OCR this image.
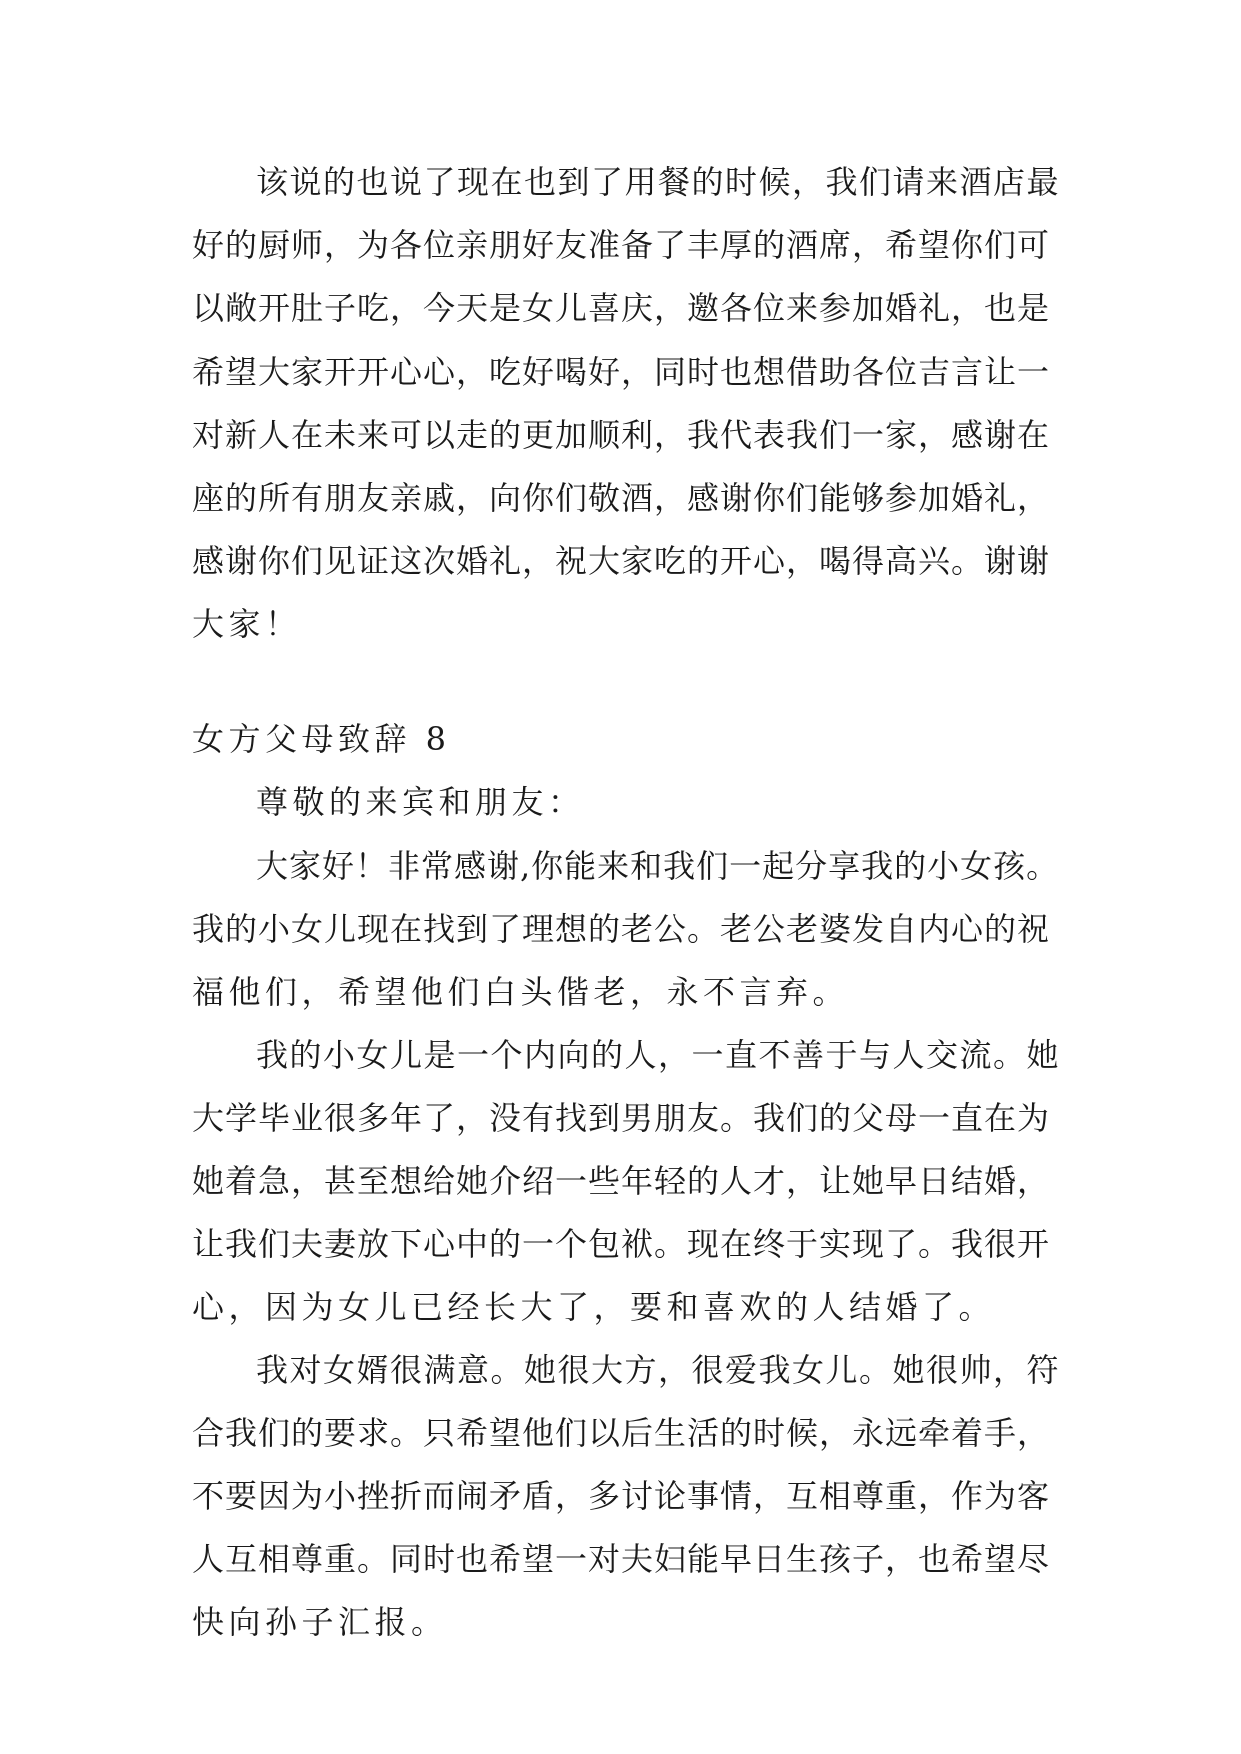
该说的也说了现在也到了用餐的时候，我们请来酒店最
好的厨师，为各位亲朋好友准备了丰厚的酒席，希望你们可
以敞开肚子吃，今天是女儿喜庆，邀各位来参加婚礼，也是
希望大家开开心心，吃好喝好，同时也想借助各位吉言让一
对新人在未来可以走的更加顺利，我代表我们一家，感谢在
座的所有朋友亲戚，向你们敬酒，感谢你们能够参加婚礼，
感谢你们见证这次婚礼，祝大家吃的开心，喝得高兴。谢谢
大家！
女方父母致辞 8
尊敬的来宾和朋友：
大家好！非常感谢,你能来和我们一起分享我的小女孩。
我的小女儿现在找到了理想的老公。老公老婆发自内心的祝
福他们，希望他们白头偕老，永不言弃。
我的小女儿是一个内向的人，一直不善于与人交流。她
大学毕业很多年了，没有找到男朋友。我们的父母一直在为
她着急，甚至想给她介绍一些年轻的人才，让她早日结婚，
让我们夫妻放下心中的一个包袱。现在终于实现了。我很开
心，因为女儿已经长大了，要和喜欢的人结婚了。
我对女婿很满意。她很大方，很爱我女儿。她很帅，符
合我们的要求。只希望他们以后生活的时候，永远牵着手，
不要因为小挫折而闹矛盾，多讨论事情，互相尊重，作为客
人互相尊重。同时也希望一对夫妇能早日生孩子，也希望尽
快向孙子汇报。
